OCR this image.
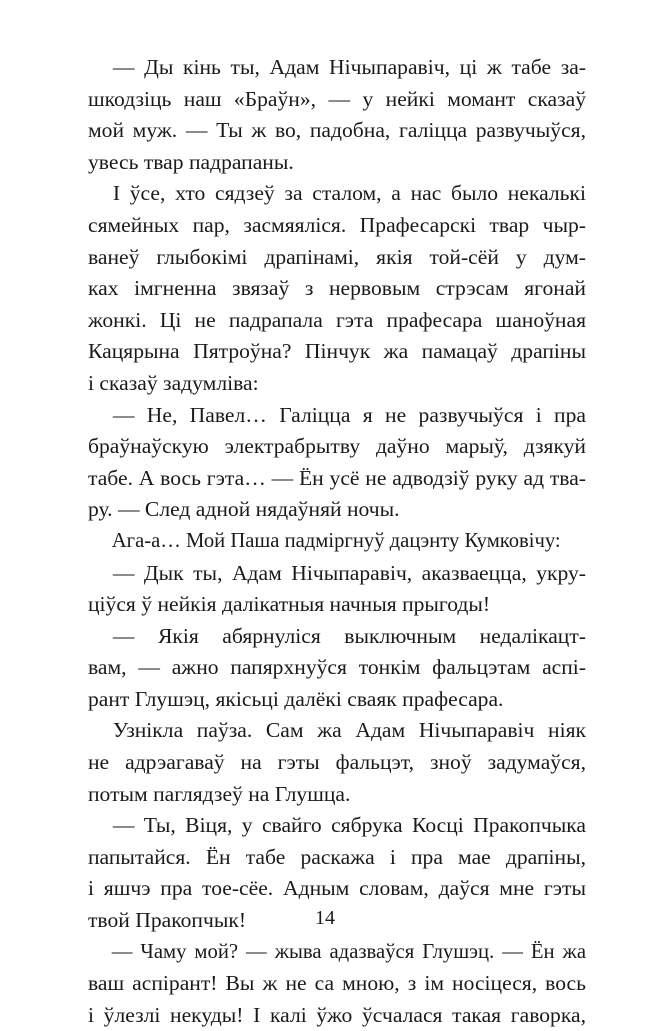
— Ды кінь ты, Адам Нічыпаравіч, ці ж табе за-
шкодзіць наш «Браўн», — у нейкі момант сказаў
мой муж. — Ты ж во, падобна, галіцца развучыўся,
увесь твар падрапаны.
І ўсе, хто сядзеў за сталом, а нас было некалькі
сямейных пар, засмяяліся. Прафесарскі твар чыр-
ванеў глыбокімі драпінамі, якія той-сёй у дум-
ках імгненна звязаў з нервовым стрэсам ягонай
жонкі. Ці не падрапала гэта прафесара шаноўная
Кацярына Пятроўна? Пінчук жа памацаў драпіны
і сказаў задумліва:
— Не, Павел… Галіцца я не развучыўся і пра
браўнаўскую электрабрытву даўно марыў, дзякуй
табе. А вось гэта… — Ён усё не адводзіў руку ад тва-
ру. — След адной нядаўняй ночы.
Ага-а… Мой Паша падміргнуў дацэнту Кумковічу:
— Дык ты, Адам Нічыпаравіч, аказваецца, укру-
ціўся ў нейкія далікатныя начныя прыгоды!
— Якія абярнуліся выключным недалікацт-
вам, — ажно папярхнуўся тонкім фальцэтам аспі-
рант Глушэц, якісьці далёкі сваяк прафесара.
Узнікла паўза. Сам жа Адам Нічыпаравіч ніяк
не адрэагаваў на гэты фальцэт, зноў задумаўся,
потым паглядзеў на Глушца.
— Ты, Віця, у свайго сябрука Косці Пракопчыка
папытайся. Ён табе раскажа і пра мае драпіны,
і яшчэ пра тое-сёе. Адным словам, даўся мне гэты
твой Пракопчык!
— Чаму мой? — жыва адазваўся Глушэц. — Ён жа
ваш аспірант! Вы ж не са мною, з ім носіцеся, вось
і ўлезлі некуды! І калі ўжо ўсчалася такая гаворка,
14
